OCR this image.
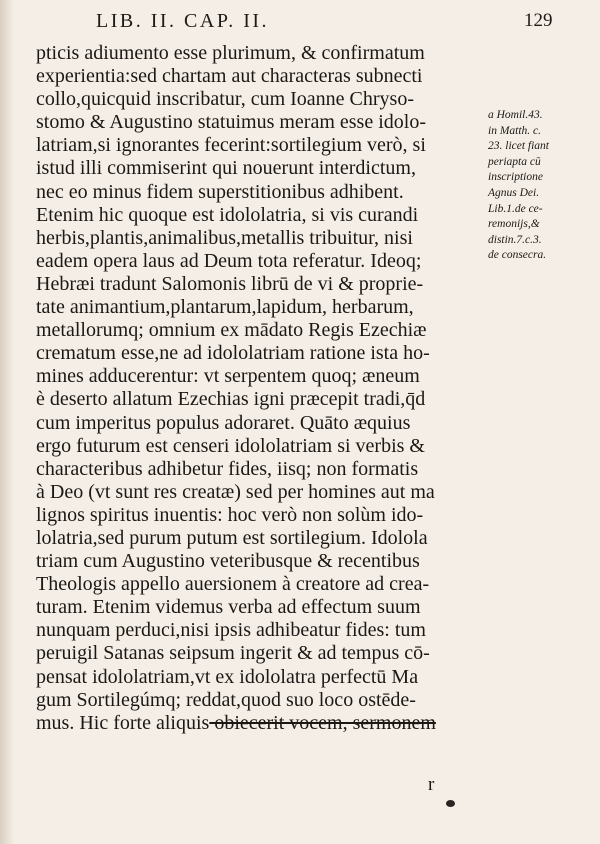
LIB. II. CAP. II.	129
pticis adiumento esse plurimum, & confirmatum
experientia:sed chartam aut characteras subnecti
collo,quicquid inscribatur, cum Ioanne Chryso-
stomo & Augustino statuimus meram esse idolo-
latriam,si ignorantes fecerint:sortilegium verò, si
istud illi commiserint qui nouerunt interdictum,
nec eo minus fidem superstitionibus adhibent.
Etenim hic quoque est idololatria, si vis curandi
herbis,plantis,animalibus,metallis tribuitur, nisi
eadem opera laus ad Deum tota referatur. Ideoq;
Hebræi tradunt Salomonis librū de vi & proprie-
tate animantium,plantarum,lapidum, herbarum,
metallorumq; omnium ex mādato Regis Ezechiæ
crematum esse,ne ad idololatriam ratione ista ho-
mines adducerentur: vt serpentem quoq; æneum
è deserto allatum Ezechias igni præcepit tradi,q̄d
cum imperitus populus adoraret. Quāto æquius
ergo futurum est censeri idololatriam si verbis &
characteribus adhibetur fides, iisq; non formatis
à Deo (vt sunt res creatæ) sed per homines aut ma
lignos spiritus inuentis: hoc verò non solùm ido-
lolatria,sed purum putum est sortilegium. Idolola
triam cum Augustino veteribusque & recentibus
Theologis appello auersionem à creatore ad crea-
turam. Etenim videmus verba ad effectum suum
nunquam perduci,nisi ipsis adhibeatur fides: tum
peruigil Satanas seipsum ingerit & ad tempus cō-
pensat idololatriam,vt ex idololatra perfectū Ma
gum Sortilegúmq; reddat,quod suo loco ostēde-
mus. Hic forte aliquis obiecerit vocem, sermonem
a Homil.43.
in Matth. c.
23. licet fiant
periapta cū
inscriptione
Agnus Dei.
Lib.1.de ce-
remonijs,&
distin.7.c.3.
de consecra.
r
